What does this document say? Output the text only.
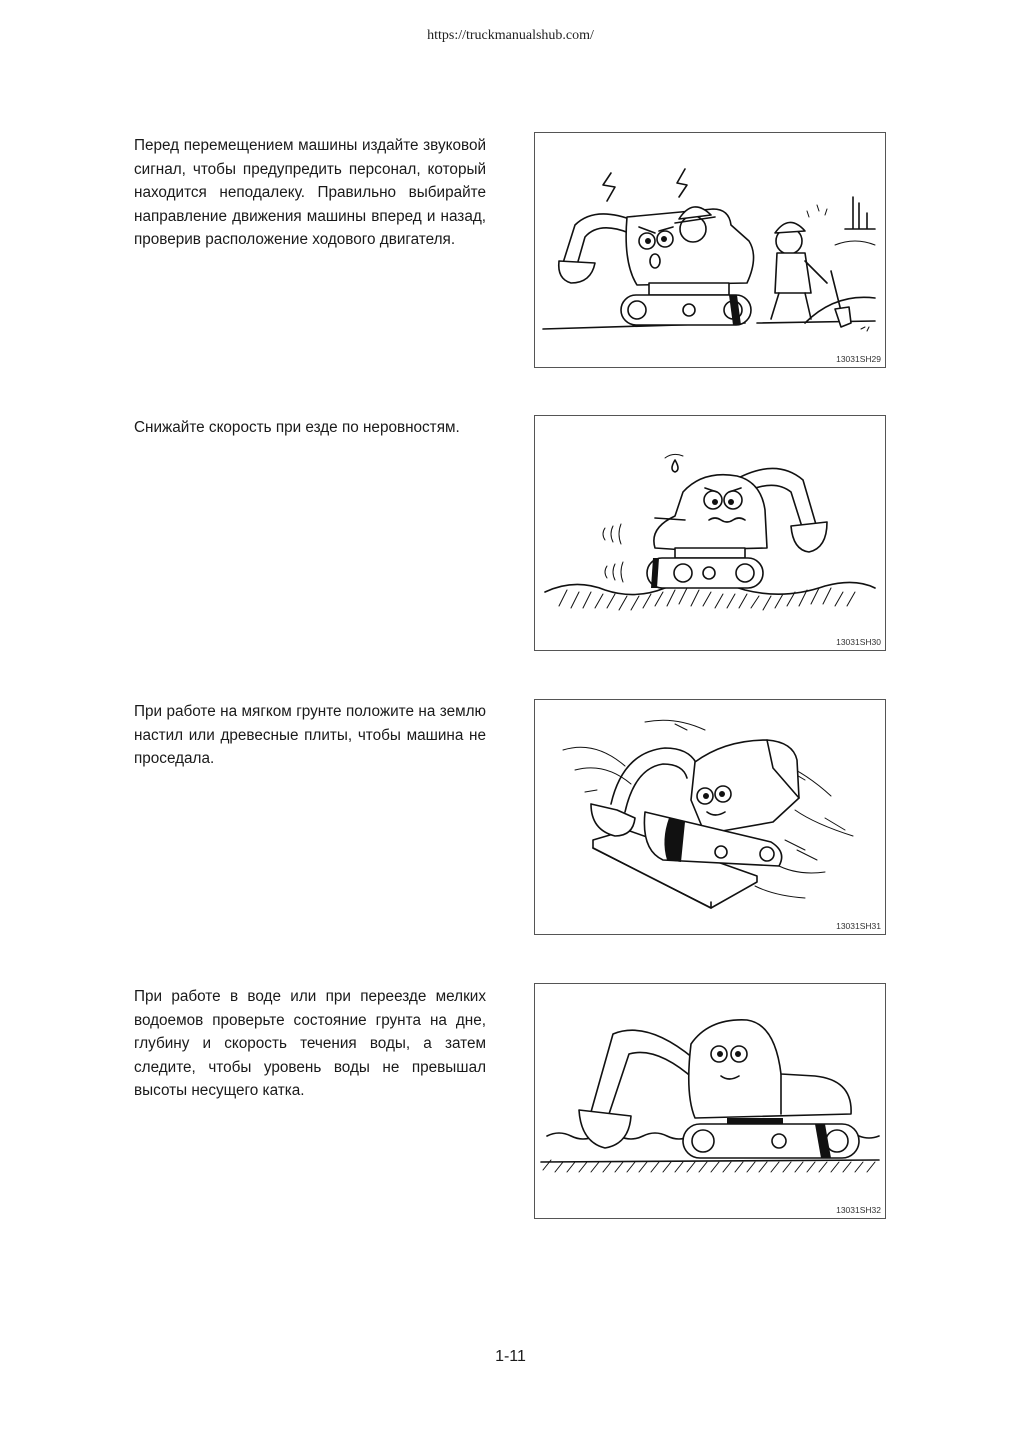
https://truckmanualshub.com/

Перед перемещением машины издайте звуковой сигнал, чтобы предупредить персонал, который находится неподалеку. Правильно выбирайте направление движения машины вперед и назад, проверив расположение ходового двигателя.

13031SH29

Снижайте скорость при езде по неровностям.

13031SH30

При работе на мягком грунте положите на землю настил или древесные плиты, чтобы машина не проседала.

13031SH31

При работе в воде или при переезде мелких водоемов проверьте состояние грунта на дне, глубину и скорость течения воды, а затем следите, чтобы уровень воды не превышал высоты несущего катка.

13031SH32
1-11
